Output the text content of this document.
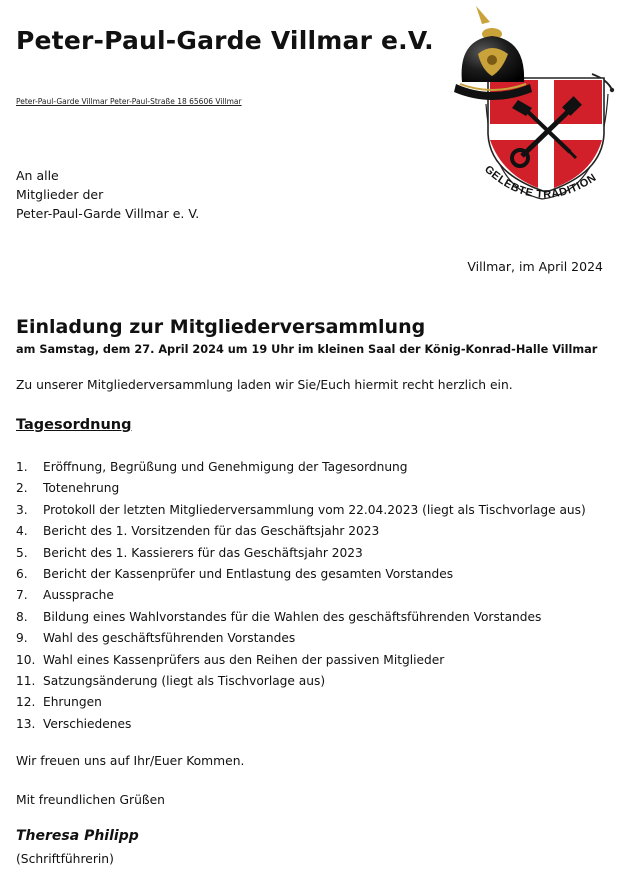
Peter-Paul-Garde Villmar e.V.
Peter-Paul-Garde Villmar Peter-Paul-Straße 18 65606 Villmar
GELEBTE TRADITION
An alle
Mitglieder der
Peter-Paul-Garde Villmar e. V.
Villmar, im April 2024
Einladung zur Mitgliederversammlung
am Samstag, dem 27. April 2024 um 19 Uhr im kleinen Saal der König-Konrad-Halle Villmar
Zu unserer Mitgliederversammlung laden wir Sie/Euch hiermit recht herzlich ein.
Tagesordnung
1.	Eröffnung, Begrüßung und Genehmigung der Tagesordnung
2.	Totenehrung
3.	Protokoll der letzten Mitgliederversammlung vom 22.04.2023 (liegt als Tischvorlage aus)
4.	Bericht des 1. Vorsitzenden für das Geschäftsjahr 2023
5.	Bericht des 1. Kassierers für das Geschäftsjahr 2023
6.	Bericht der Kassenprüfer und Entlastung des gesamten Vorstandes
7.	Aussprache
8.	Bildung eines Wahlvorstandes für die Wahlen des geschäftsführenden Vorstandes
9.	Wahl des geschäftsführenden Vorstandes
10. Wahl eines Kassenprüfers aus den Reihen der passiven Mitglieder
11. Satzungsänderung (liegt als Tischvorlage aus)
12. Ehrungen
13. Verschiedenes
Wir freuen uns auf Ihr/Euer Kommen.
Mit freundlichen Grüßen
Theresa Philipp
(Schriftführerin)
